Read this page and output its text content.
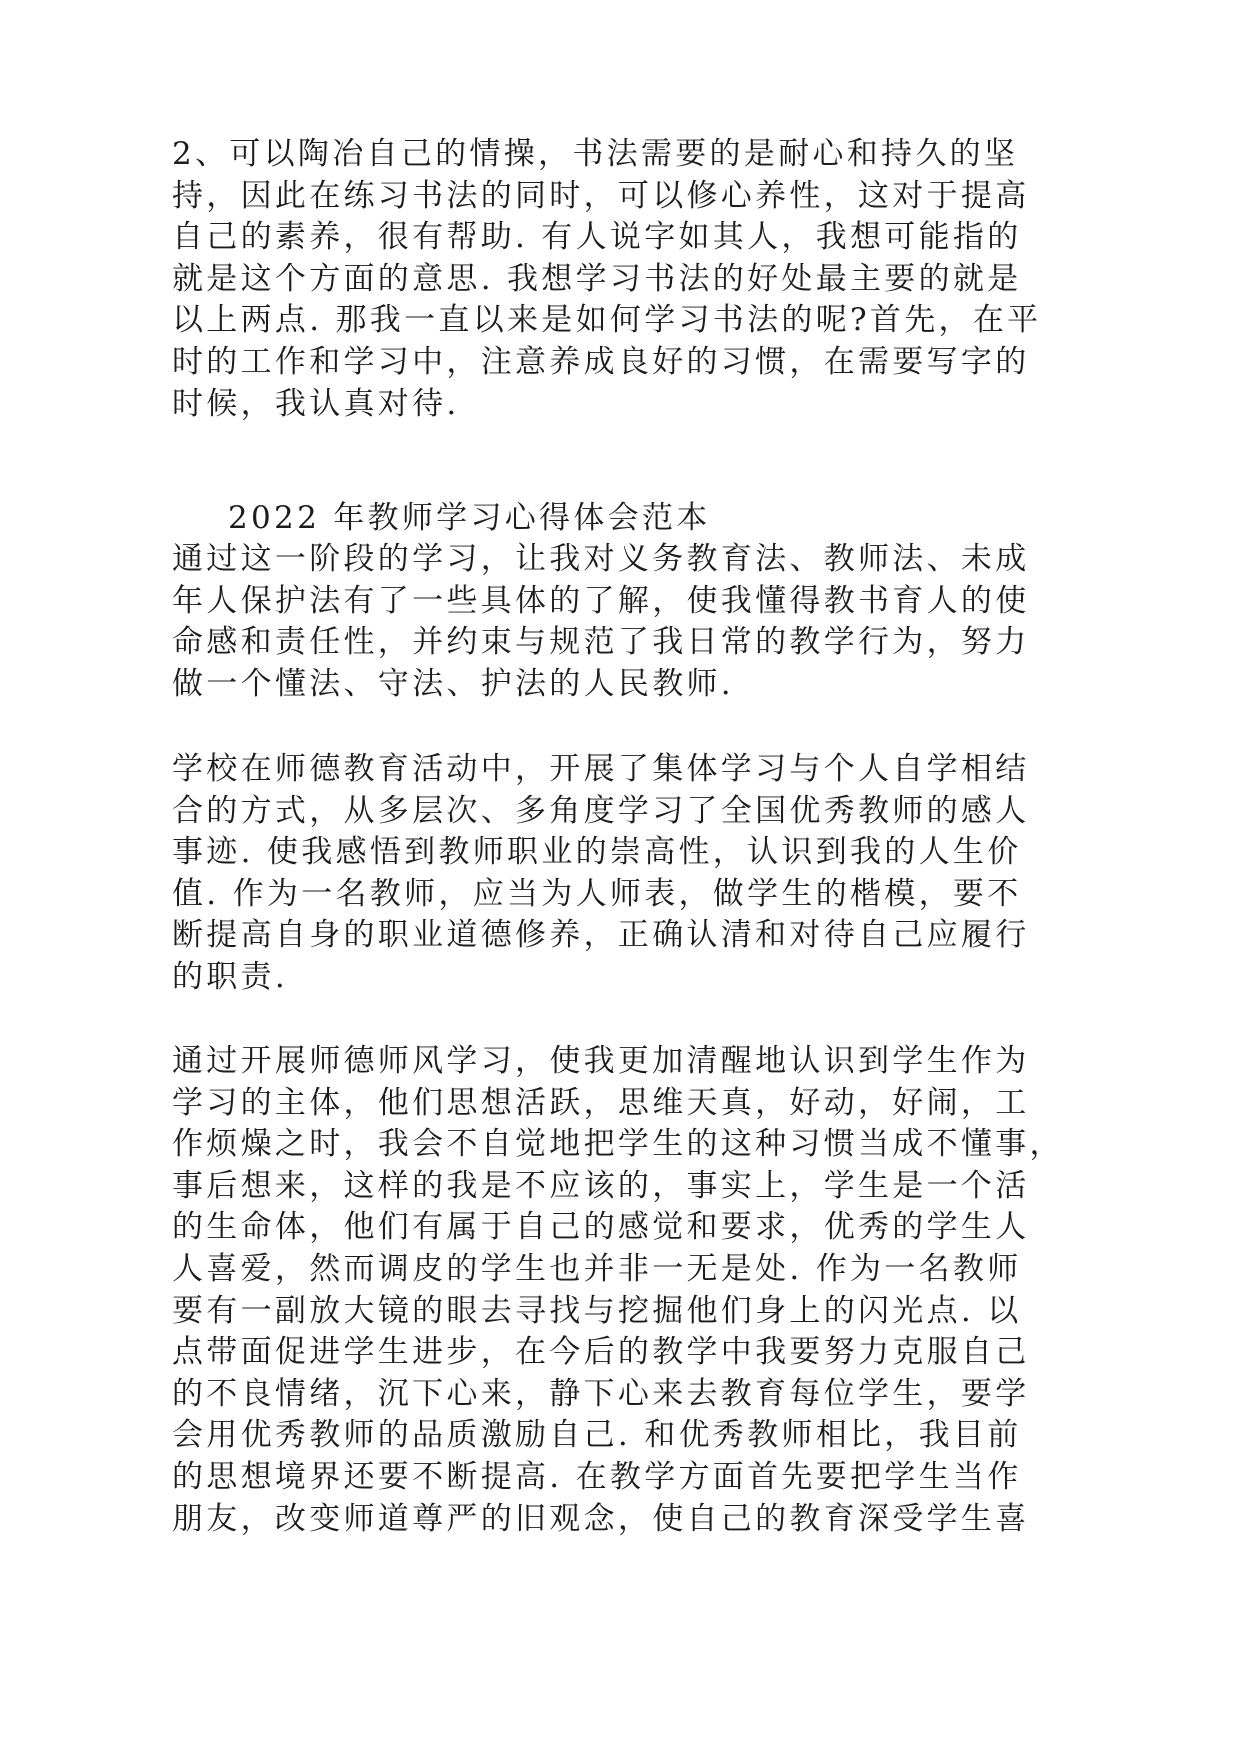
2、可以陶冶自己的情操，书法需要的是耐心和持久的坚
持，因此在练习书法的同时，可以修心养性，这对于提高
自己的素养，很有帮助. 有人说字如其人，我想可能指的
就是这个方面的意思. 我想学习书法的好处最主要的就是
以上两点. 那我一直以来是如何学习书法的呢?首先，在平
时的工作和学习中，注意养成良好的习惯，在需要写字的
时候，我认真对待.
2022 年教师学习心得体会范本
通过这一阶段的学习，让我对义务教育法、教师法、未成
年人保护法有了一些具体的了解，使我懂得教书育人的使
命感和责任性，并约束与规范了我日常的教学行为，努力
做一个懂法、守法、护法的人民教师.
学校在师德教育活动中，开展了集体学习与个人自学相结
合的方式，从多层次、多角度学习了全国优秀教师的感人
事迹. 使我感悟到教师职业的崇高性，认识到我的人生价
值. 作为一名教师，应当为人师表，做学生的楷模，要不
断提高自身的职业道德修养，正确认清和对待自己应履行
的职责.
通过开展师德师风学习，使我更加清醒地认识到学生作为
学习的主体，他们思想活跃，思维天真，好动，好闹，工
作烦燥之时，我会不自觉地把学生的这种习惯当成不懂事，
事后想来，这样的我是不应该的，事实上，学生是一个活
的生命体，他们有属于自己的感觉和要求，优秀的学生人
人喜爱，然而调皮的学生也并非一无是处. 作为一名教师
要有一副放大镜的眼去寻找与挖掘他们身上的闪光点. 以
点带面促进学生进步，在今后的教学中我要努力克服自己
的不良情绪，沉下心来，静下心来去教育每位学生，要学
会用优秀教师的品质激励自己. 和优秀教师相比，我目前
的思想境界还要不断提高. 在教学方面首先要把学生当作
朋友，改变师道尊严的旧观念，使自己的教育深受学生喜
